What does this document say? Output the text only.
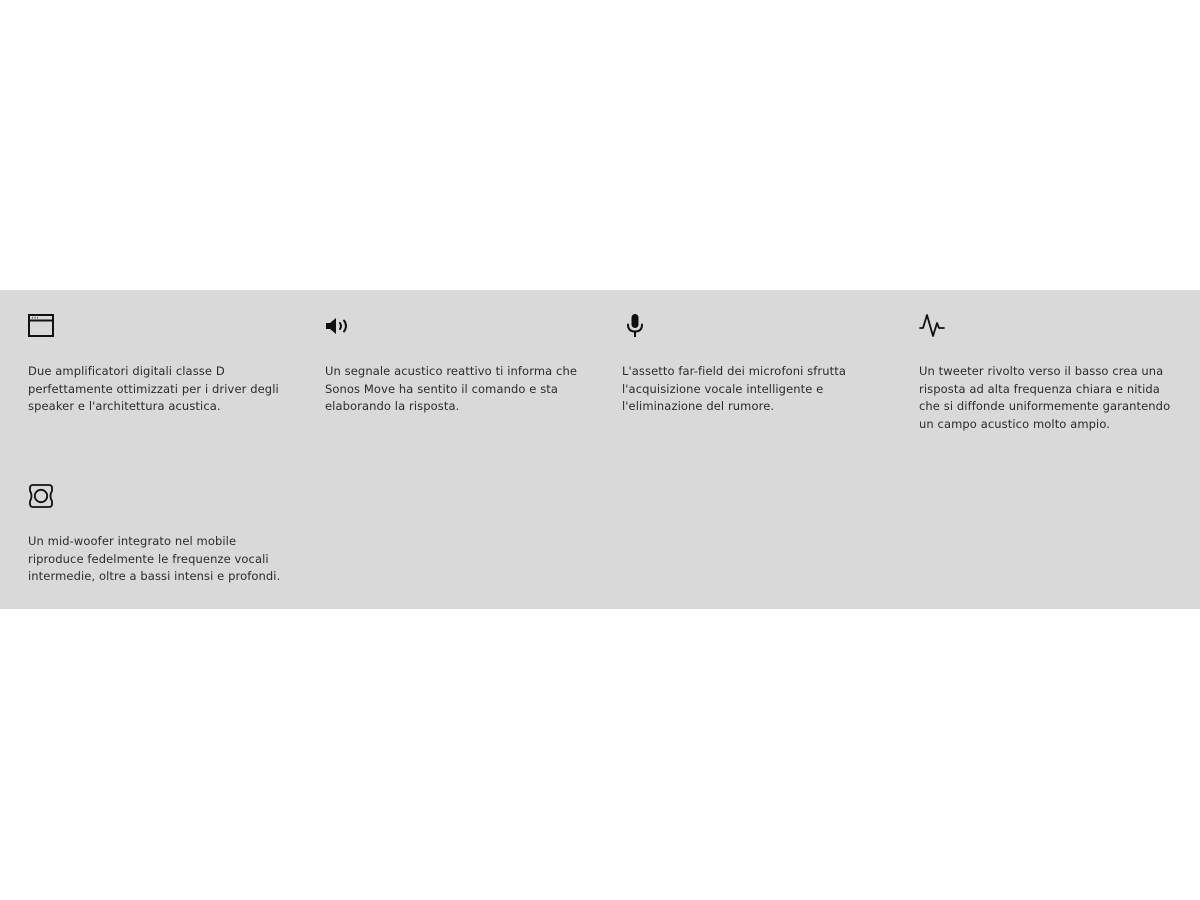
Due amplificatori digitali classe D perfettamente ottimizzati per i driver degli speaker e l'architettura acustica.

Un segnale acustico reattivo ti informa che Sonos Move ha sentito il comando e sta elaborando la risposta.

L'assetto far-field dei microfoni sfrutta l'acquisizione vocale intelligente e l'eliminazione del rumore.

Un tweeter rivolto verso il basso crea una risposta ad alta frequenza chiara e nitida che si diffonde uniformemente garantendo un campo acustico molto ampio.

Un mid-woofer integrato nel mobile riproduce fedelmente le frequenze vocali intermedie, oltre a bassi intensi e profondi.
